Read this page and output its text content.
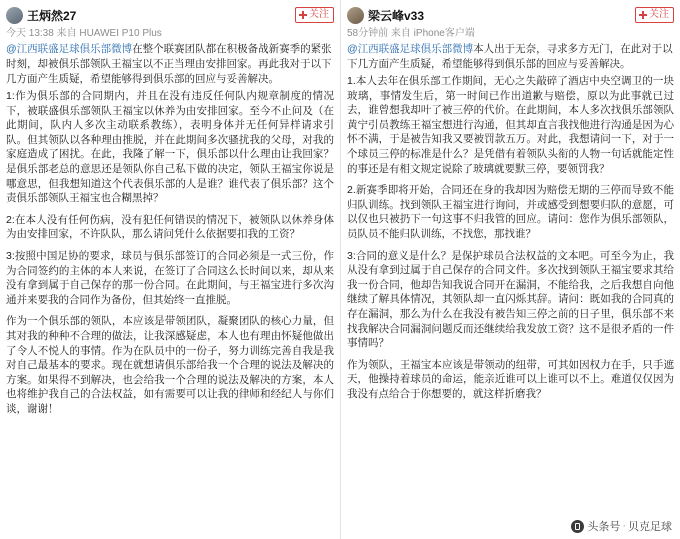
王炳然27	关注
今天 13:38 来自 HUAWEI P10 Plus
@江西联盛足球俱乐部微博在整个联赛团队都在积极备战新赛季的紧张时刻，却被俱乐部领队王福宝以不正当理由安排回家。再此我对于以下几方面产生质疑，希望能够得到俱乐部的回应与妥善解决。
1:作为俱乐部的合同期内，并且在没有违反任何队内规章制度的情况下，被联盛俱乐部领队王福宝以休养为由安排回家。至今不止问及（在此期间，队内人多次主动联系教练），表明身体并无任何异样请求引队。但其领队以各种理由推脱，并在此期间多次骚扰我的父母，对我的家庭造成了困扰。在此，我隆了解一下，俱乐部以什么理由让我回家？是俱乐部老总的意思还是领队你自己私下做的决定，领队王福宝你说是哪意思，但我想知道这个代表俱乐部的人是谁？谁代表了俱乐部？这个责俱乐部领队王福宝也合糊黑掉？
2:在本人没有任何伤病，没有犯任何错误的情况下，被领队以休养身体为由安排回家，不许队队，那么请问凭什么依据要扣我的工资？
3:按照中国足协的要求，球员与俱乐部签订的合同必须是一式三份，作为合同签约的主体的本人来说，在签订了合同这么长时间以来，却从来没有拿到属于自己保存的那一份合同。在此期间，与王福宝进行多次沟通并来要我的合同作为备份，但其始终一直推脱。
作为一个俱乐部的领队，本应该是带领团队，凝聚团队的核心力量，但其对我的种种不合理的做法，让我深感疑虑，本人也有理由怀疑他做出了令人不悦人的事情。作为在队员中的一份子，努力训练完善自我是我对自己最基本的要求。现在就想请俱乐部给我一个合理的说法及解决的方案。如果得不到解决，也会给我一个合理的说法及解决的方案，本人也将维护我自己的合法权益，如有需要可以让我的律师和经纪人与你们谈，谢谢！
梁云峰v33	关注
58分钟前 来自 iPhone客户端
@江西联盛足球俱乐部微博本人出于无奈，寻求多方无门，在此对于以下几方面产生质疑，希望能够得到俱乐部的回应与妥善解决。
1.本人去年在俱乐部工作期间，无心之失敲碎了酒店中央空调卫的一块玻璃，事情发生后，第一时间已作出道歉与赔偿，原以为此事就已过去，谁曾想我却叶了被三停的代价。在此期间，本人多次找俱乐部领队黄宁引员教练王福宝想进行沟通，但其却直言我找他进行沟通是因为心怀不满，于是被告知我又要被罚款五万。对此，我想请问一下，对于一个球员三停的标准是什么？是凭借有着领队头衔的人物一句话就能定性的事还是有相文规定说除了玻璃就要默三停，要领罚我？
2.新赛季即将开始，合同还在身的我却因为赔偿无期的三停而导致不能归队训练。找到领队王福宝进行询问，并或感受到想要归队的意愿，可以仅也只被扔下一句这事不归我管的回应。请问：您作为俱乐部领队，员队员不能归队训练，不找您，那找谁？
3:合同的意义是什么？是保护球员合法权益的文本吧。可至今为止，我从没有拿到过属于自己保存的合同文件。多次找到领队王福宝要求其给我一份合同，他却告知我说合同开在漏洞，不能给我，之后我想自向他继续了解具体情况，其领队却一直闪烁其辞。请问：既如我的合同真的存在漏洞，那么为什么在我没有被告知三停之前的日子里，俱乐部不来找我解决合同漏洞问题反而还继续给我发放工资？这不是很矛盾的一件事情吗？
作为领队，王福宝本应该是带领动的纽带，可其如因权力在手，只手遮天，他操持着球员的命运，能亲近谁可以上谁可以不上。难道仅仅因为我没有点给合于你想要的，就这样折磨我？
头条号 · 贝克足球
